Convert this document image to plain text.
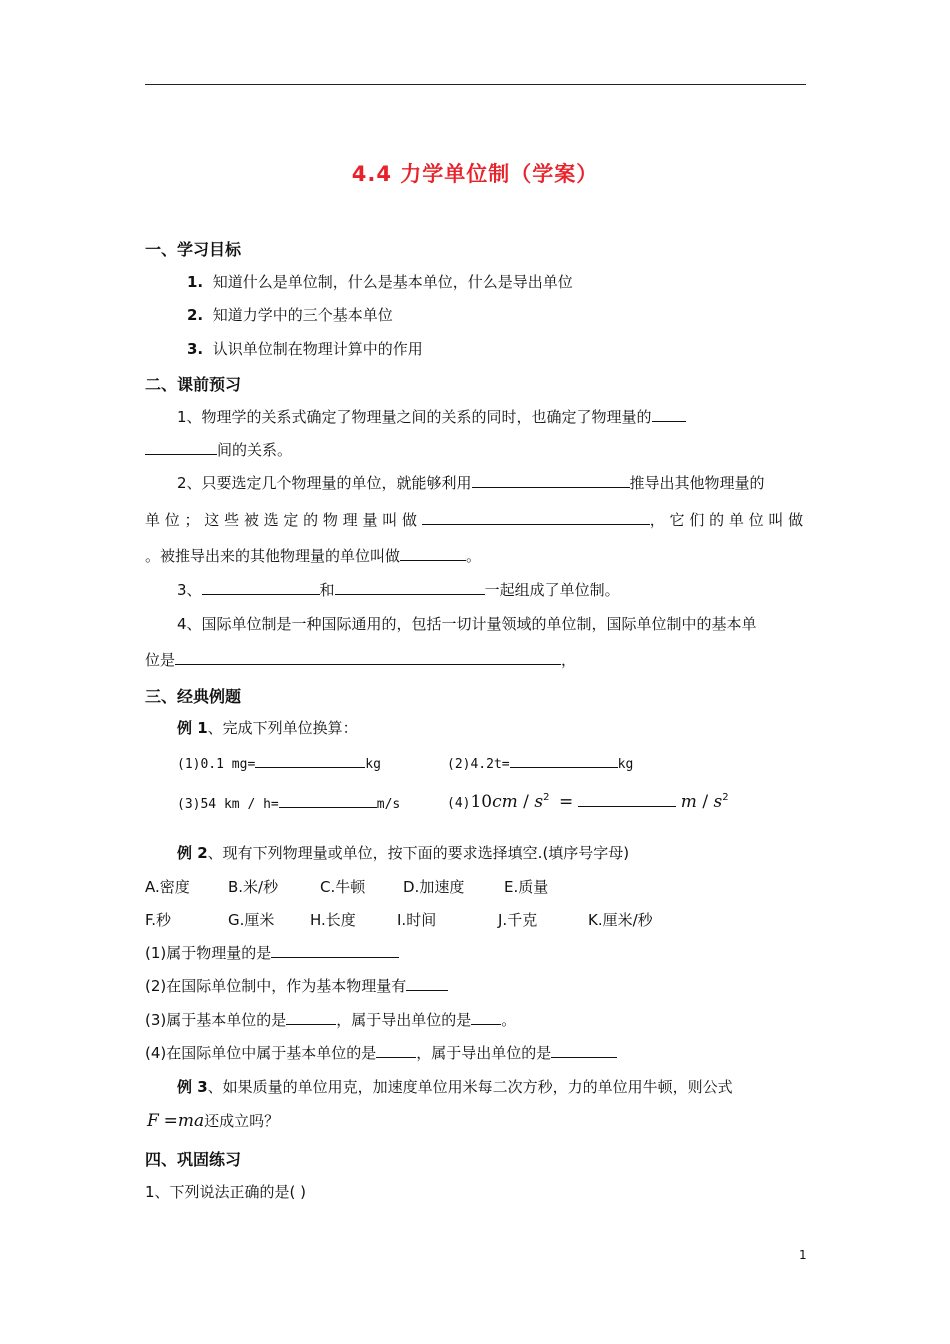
4.4 力学单位制（学案）
一、学习目标
1. 知道什么是单位制，什么是基本单位，什么是导出单位
2. 知道力学中的三个基本单位
3. 认识单位制在物理计算中的作用
二、课前预习
1、物理学的关系式确定了物理量之间的关系的同时，也确定了物理量的
间的关系。
2、只要选定几个物理量的单位，就能够利用	推导出其他物理量的
单 位 ； 这 些 被 选 定 的 物 理 量 叫 做	， 它 们 的 单 位 叫 做
。被推导出来的其他物理量的单位叫做	。
3、	和	一起组成了单位制。
4、国际单位制是一种国际通用的，包括一切计量领域的单位制，国际单位制中的基本单
位是	，
三、经典例题
例 1、完成下列单位换算：
(1)0.1 mg=	kg	(2)4.2t=	kg
(3)54 km / h=	m/s	$(4)10cm / s^2$ =	m / $s^2$
例 2、现有下列物理量或单位，按下面的要求选择填空.(填序号字母)
A.密度	B.米/秒	C.牛顿	D.加速度	E.质量
F.秒	G.厘米 H.长度	I.时间	J.千克	K.厘米/秒
(1)属于物理量的是
(2)在国际单位制中，作为基本物理量有
(3)属于基本单位的是	，属于导出单位的是 。
(4)在国际单位中属于基本单位的是	，属于导出单位的是
例 3、如果质量的单位用克，加速度单位用米每二次方秒，力的单位用牛顿，则公式
F =ma还成立吗？
四、巩固练习
1、下列说法正确的是( )
1
